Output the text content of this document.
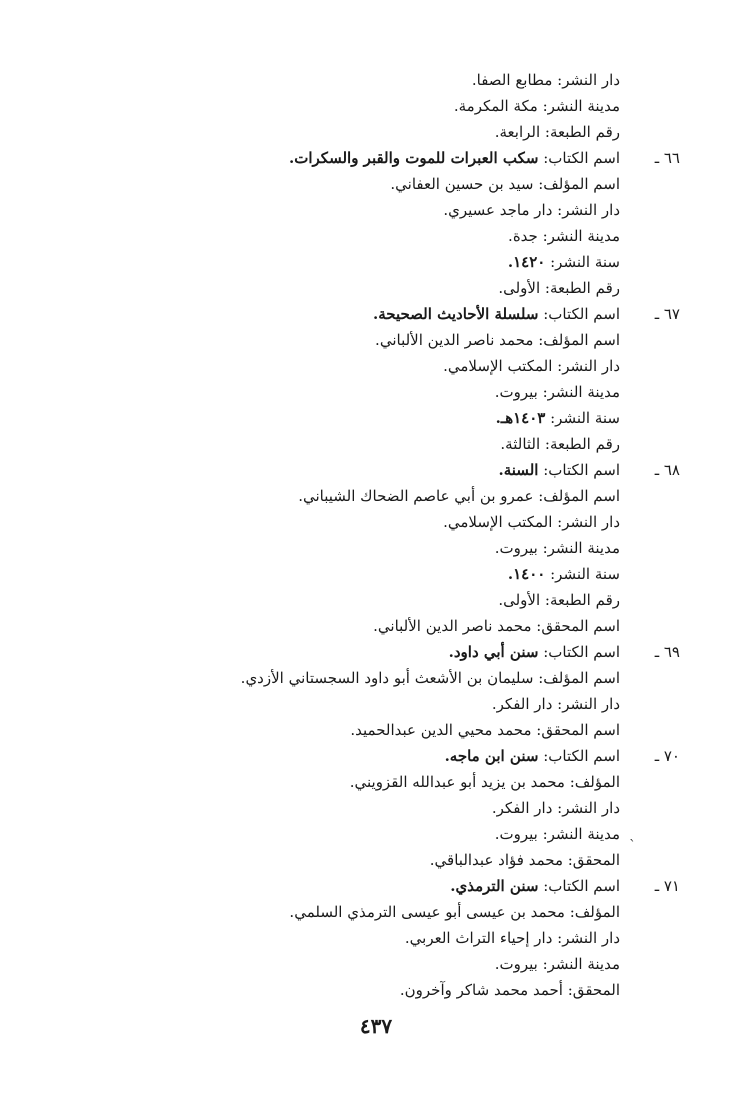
`
٤٣٧
دار النشر: مطابع الصفا.
مدينة النشر: مكة المكرمة.
رقم الطبعة: الرابعة.
٦٦ ـ
اسم الكتاب: سكب العبرات للموت والقبر والسكرات.
اسم المؤلف: سيد بن حسين العفاني.
دار النشر: دار ماجد عسيري.
مدينة النشر: جدة.
سنة النشر: ١٤٢٠.
رقم الطبعة: الأولى.
٦٧ ـ
اسم الكتاب: سلسلة الأحاديث الصحيحة.
اسم المؤلف: محمد ناصر الدين الألباني.
دار النشر: المكتب الإسلامي.
مدينة النشر: بيروت.
سنة النشر: ١٤٠٣هـ.
رقم الطبعة: الثالثة.
٦٨ ـ
اسم الكتاب: السنة.
اسم المؤلف: عمرو بن أبي عاصم الضحاك الشيباني.
دار النشر: المكتب الإسلامي.
مدينة النشر: بيروت.
سنة النشر: ١٤٠٠.
رقم الطبعة: الأولى.
اسم المحقق: محمد ناصر الدين الألباني.
٦٩ ـ
اسم الكتاب: سنن أبي داود.
اسم المؤلف: سليمان بن الأشعث أبو داود السجستاني الأزدي.
دار النشر: دار الفكر.
اسم المحقق: محمد محيي الدين عبدالحميد.
٧٠ ـ
اسم الكتاب: سنن ابن ماجه.
المؤلف: محمد بن يزيد أبو عبدالله القزويني.
دار النشر: دار الفكر.
مدينة النشر: بيروت.
المحقق: محمد فؤاد عبدالباقي.
٧١ ـ
اسم الكتاب: سنن الترمذي.
المؤلف: محمد بن عيسى أبو عيسى الترمذي السلمي.
دار النشر: دار إحياء التراث العربي.
مدينة النشر: بيروت.
المحقق: أحمد محمد شاكر وآخرون.
